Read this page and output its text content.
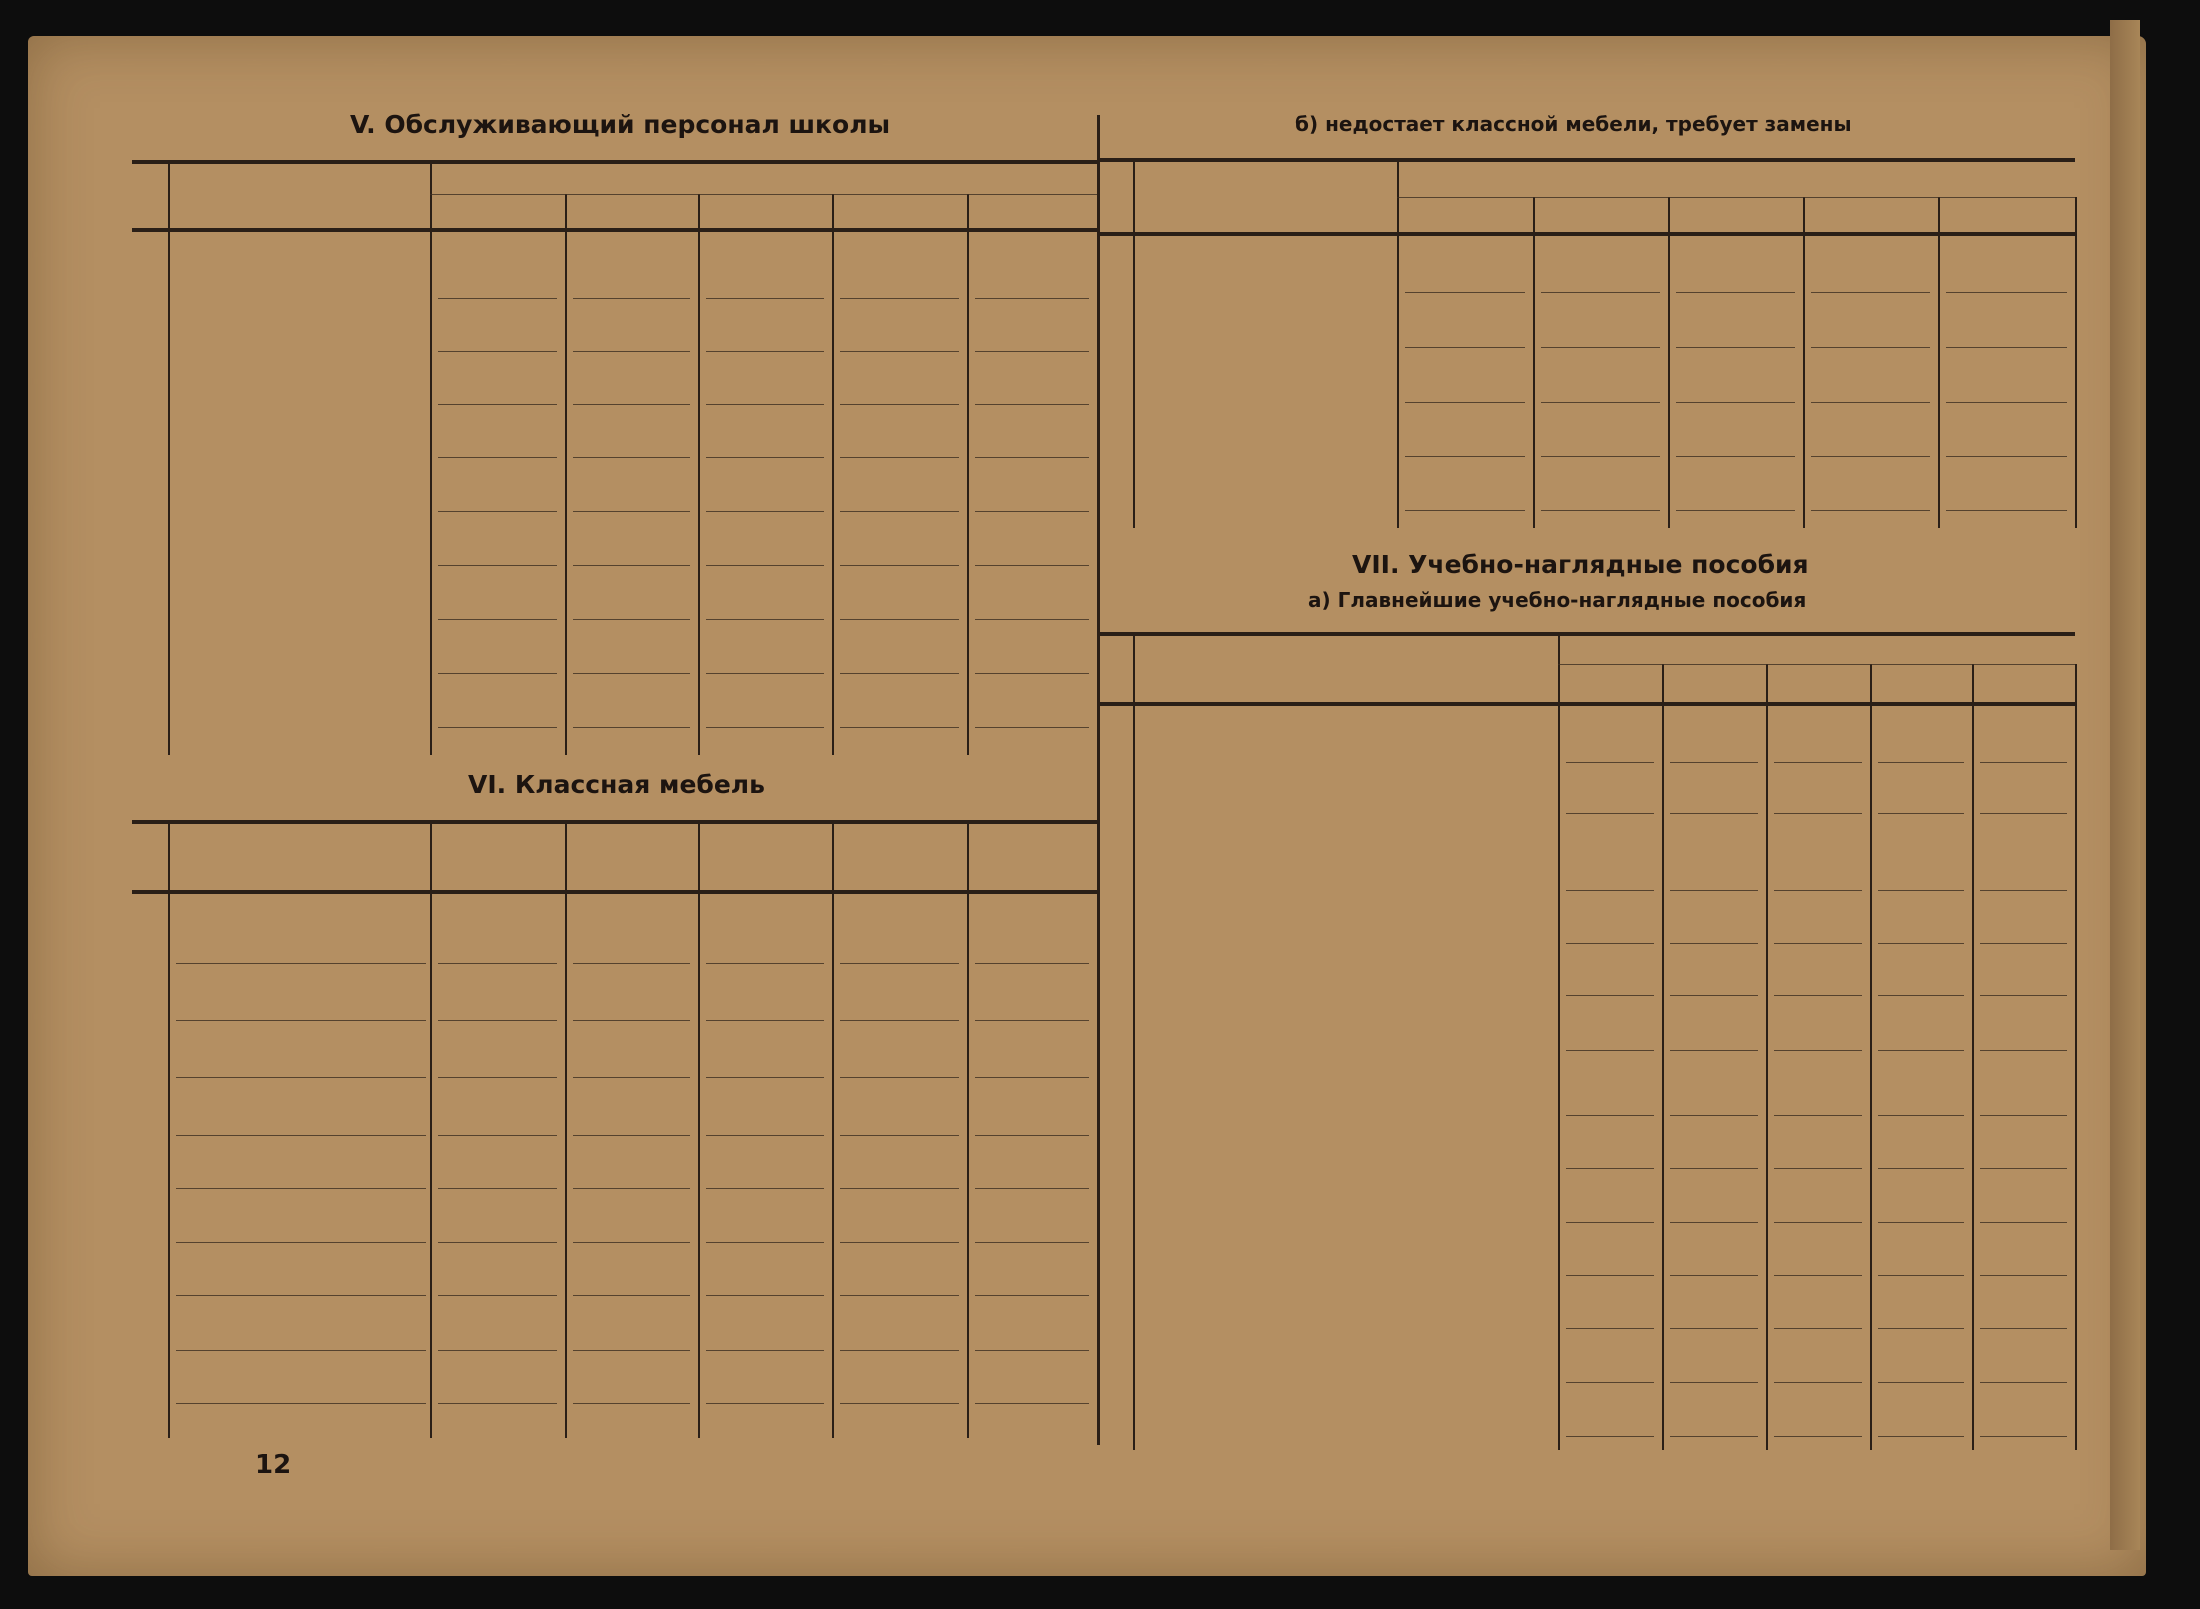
V. Обслуживающий персонал школы
VI. Классная мебель
12
б) недостает классной мебели, требует замены
VII. Учебно-наглядные пособия
а) Главнейшие учебно-наглядные пособия
